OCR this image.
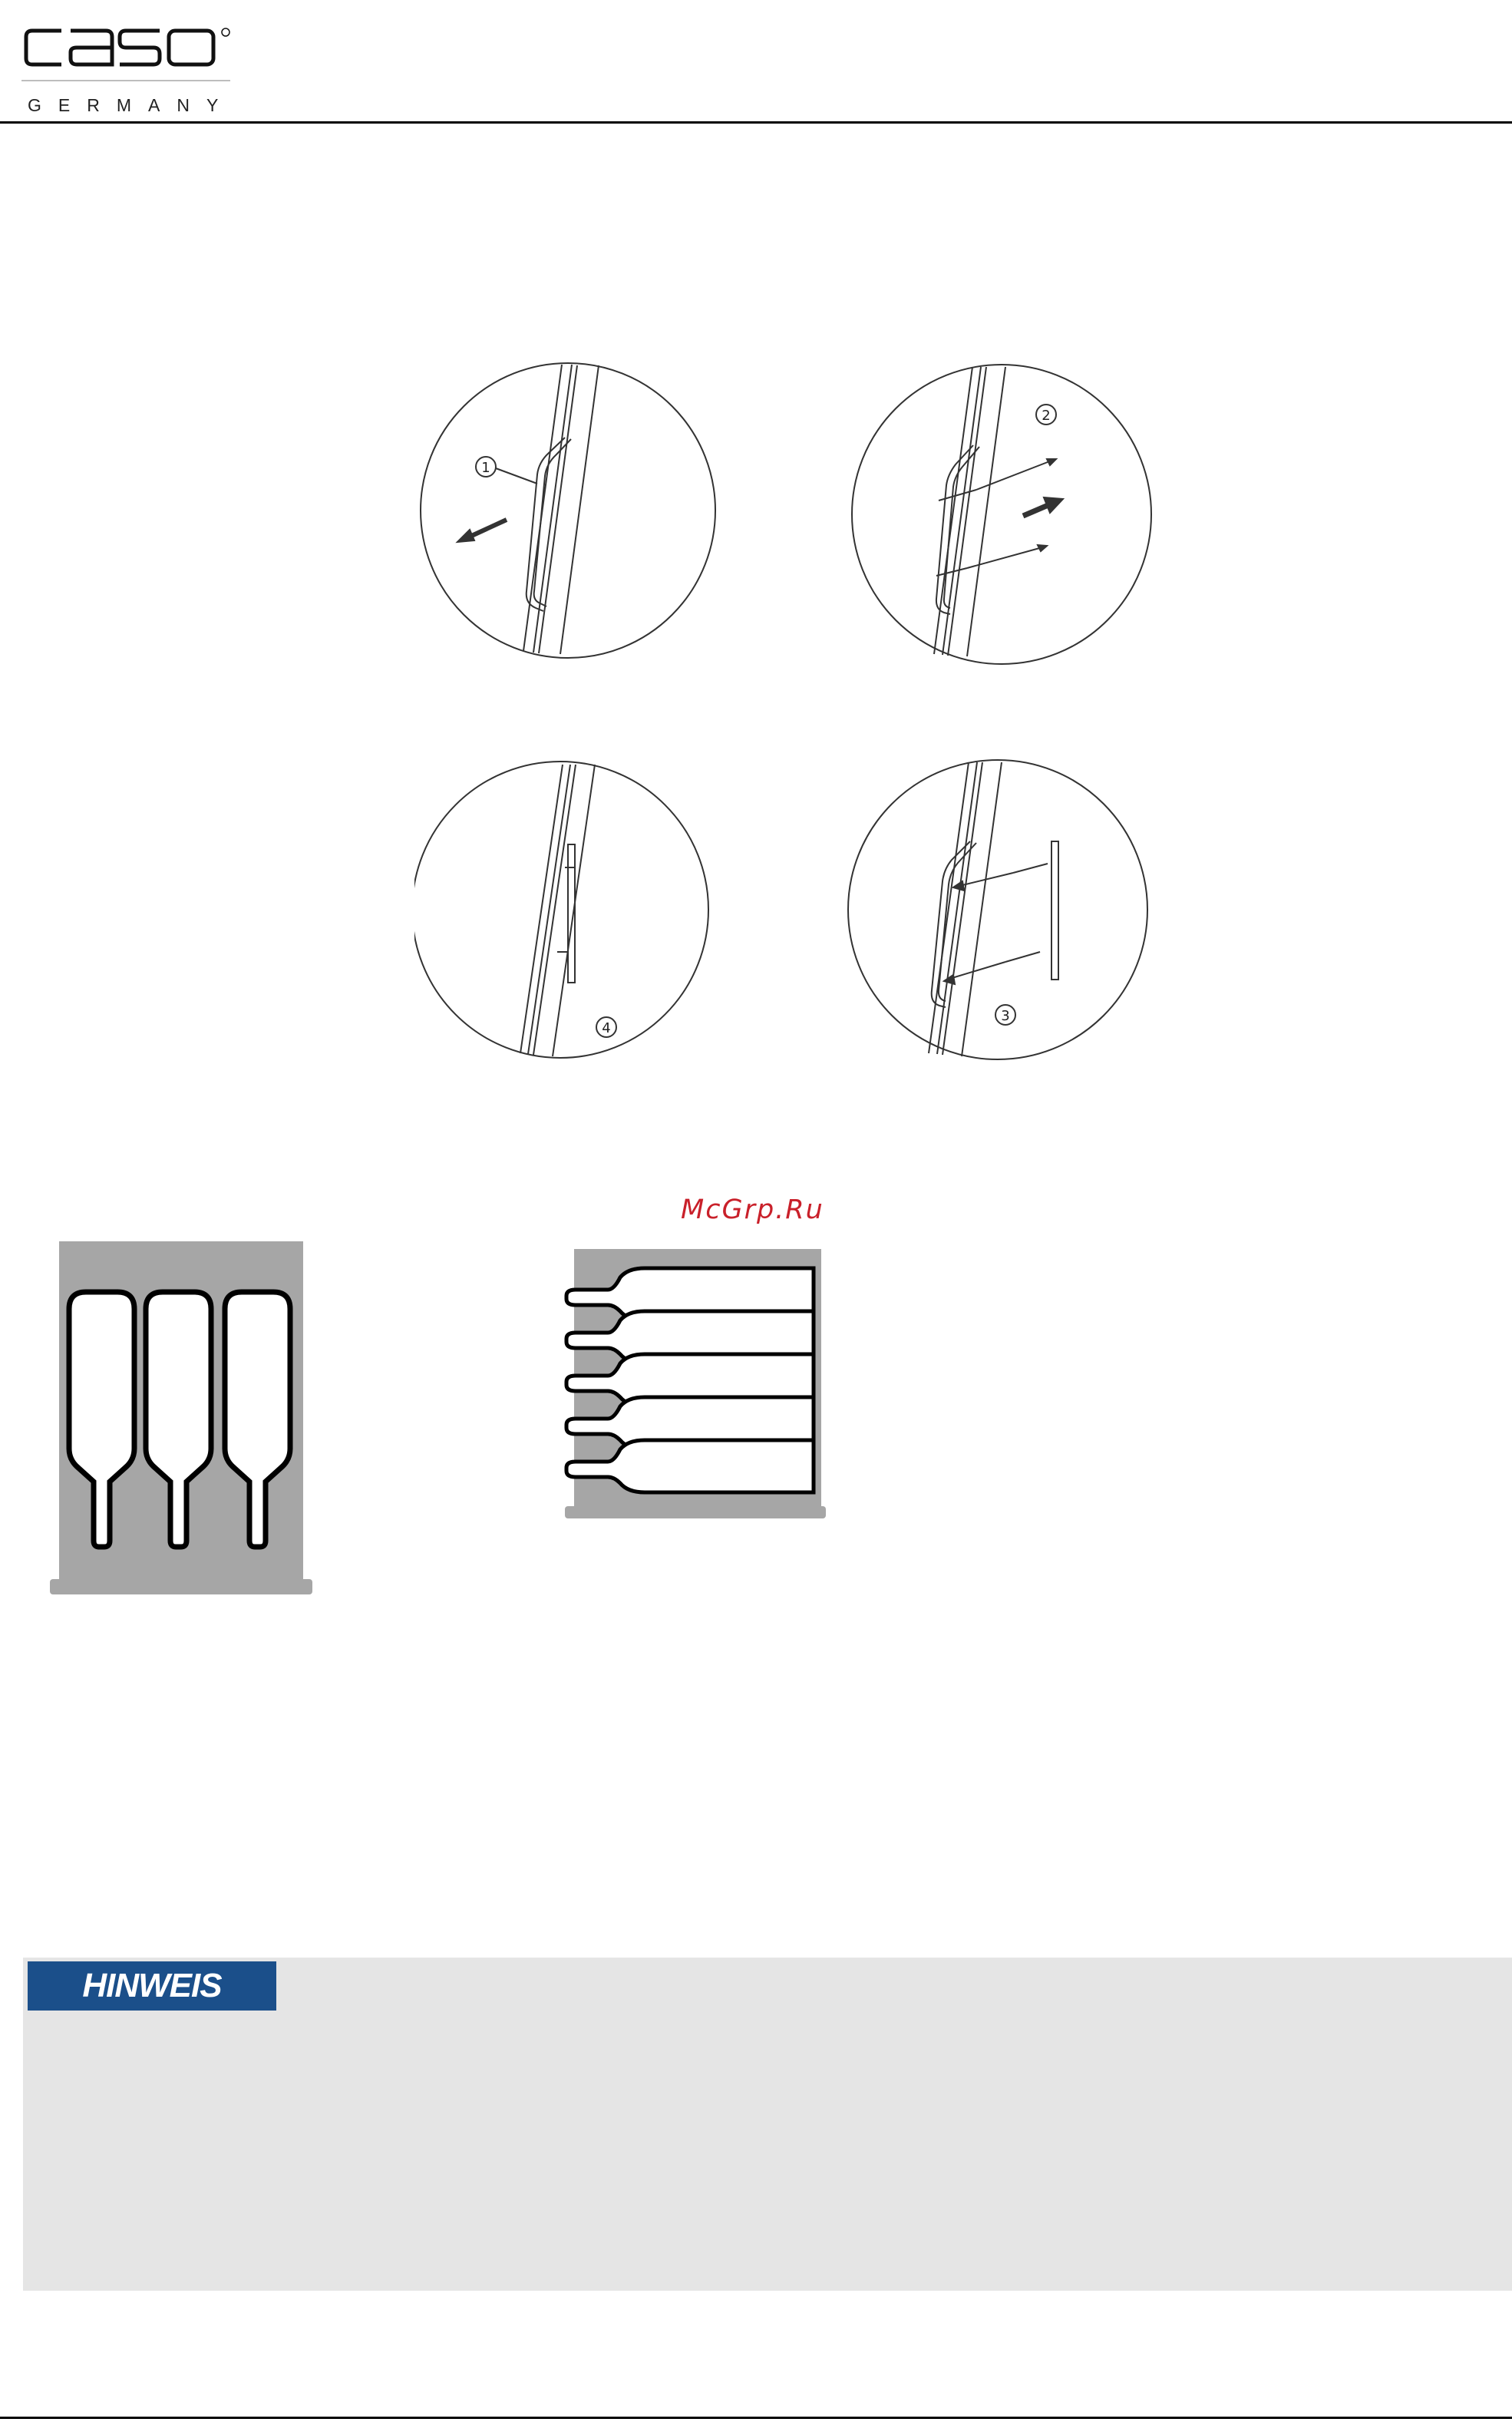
GERMANY
1
2
3
4
McGrp.Ru
HINWEIS
